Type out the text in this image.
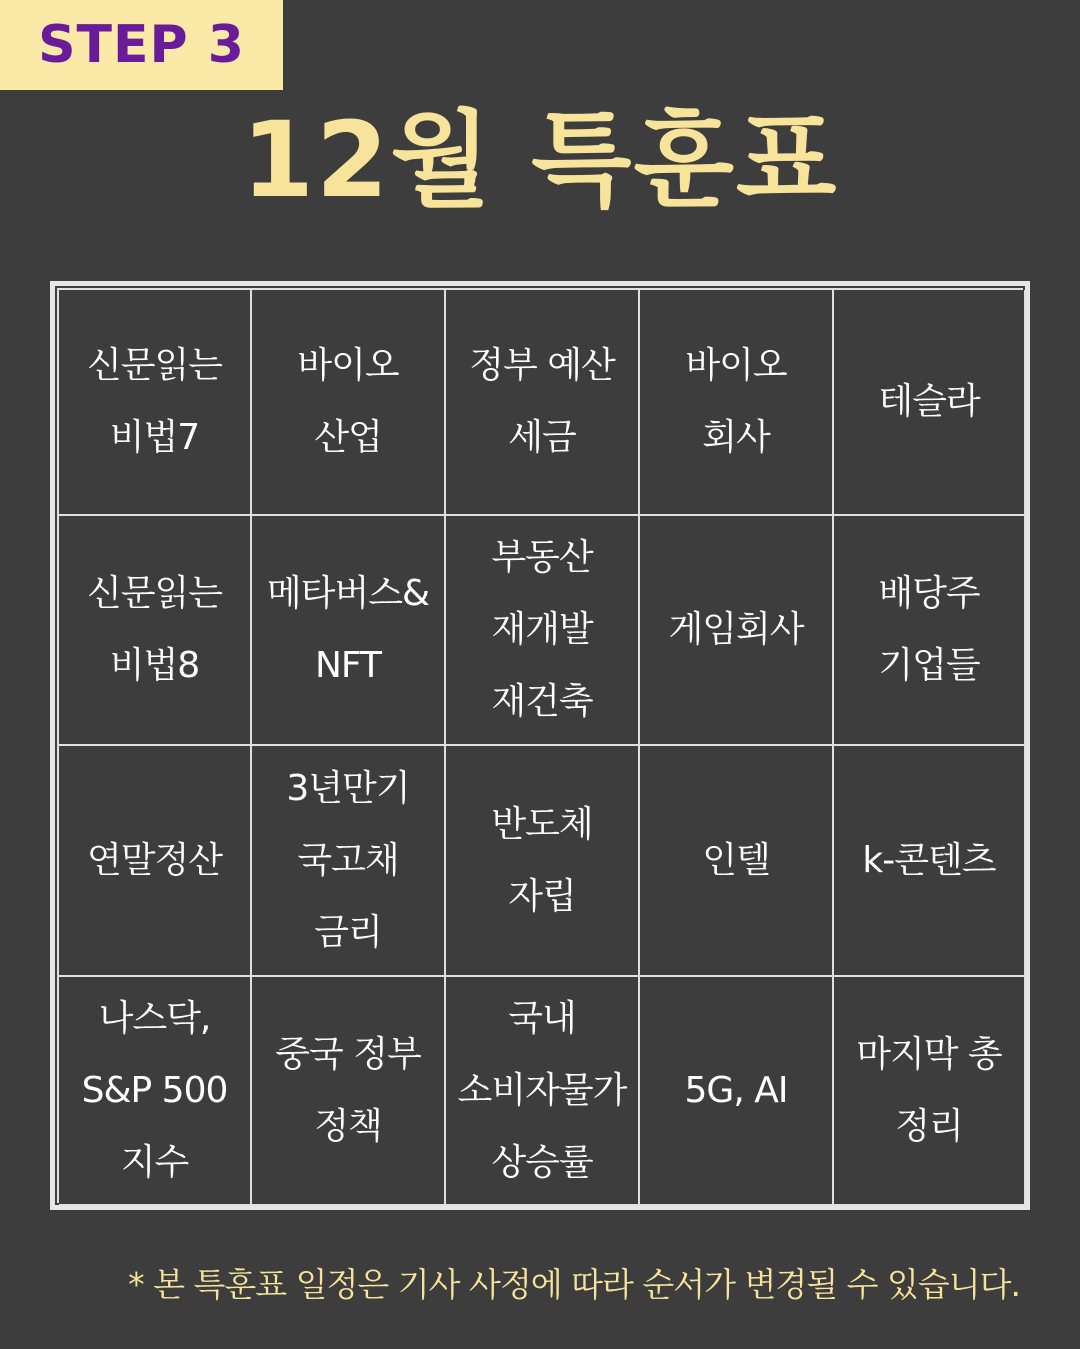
STEP 3
12월 특훈표
신문읽는
비법7
바이오
산업
정부 예산
세금
바이오
회사
테슬라
신문읽는
비법8
메타버스&
NFT
부동산
재개발
재건축
게임회사
배당주
기업들
연말정산
3년만기
국고채
금리
반도체
자립
인텔	k-콘텐츠
나스닥,
S&P 500
지수
중국 정부
정책
국내
소비자물가
상승률
5G, AI
마지막 총
정리
* 본 특훈표 일정은 기사 사정에 따라 순서가 변경될 수 있습니다.
